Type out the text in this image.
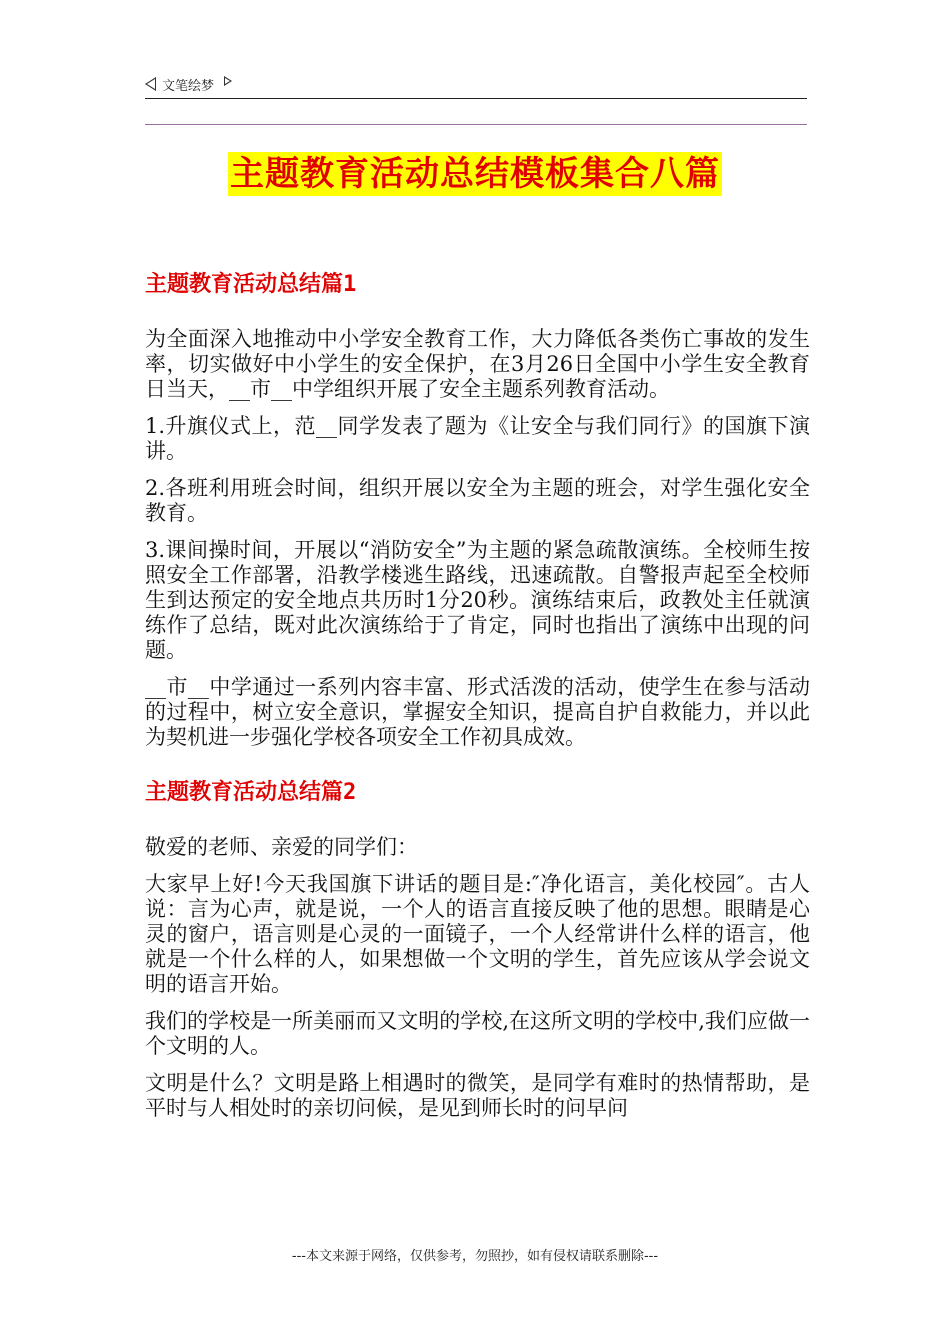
文笔绘梦
主题教育活动总结模板集合八篇
主题教育活动总结篇1

为全面深入地推动中小学安全教育工作，大力降低各类伤亡事故的发生率，切实做好中小学生的安全保护，在3月26日全国中小学生安全教育日当天，__市__中学组织开展了安全主题系列教育活动。

1.升旗仪式上，范__同学发表了题为《让安全与我们同行》的国旗下演讲。

2.各班利用班会时间，组织开展以安全为主题的班会，对学生强化安全教育。

3.课间操时间，开展以“消防安全”为主题的紧急疏散演练。全校师生按照安全工作部署，沿教学楼逃生路线，迅速疏散。自警报声起至全校师生到达预定的安全地点共历时1分20秒。演练结束后，政教处主任就演练作了总结，既对此次演练给于了肯定，同时也指出了演练中出现的问题。

__市__中学通过一系列内容丰富、形式活泼的活动，使学生在参与活动的过程中，树立安全意识，掌握安全知识，提高自护自救能力，并以此为契机进一步强化学校各项安全工作初具成效。

主题教育活动总结篇2

敬爱的老师、亲爱的同学们：

大家早上好!今天我国旗下讲话的题目是:″净化语言，美化校园″。古人说：言为心声，就是说，一个人的语言直接反映了他的思想。眼睛是心灵的窗户，语言则是心灵的一面镜子，一个人经常讲什么样的语言，他就是一个什么样的人，如果想做一个文明的学生，首先应该从学会说文明的语言开始。

我们的学校是一所美丽而又文明的学校,在这所文明的学校中,我们应做一个文明的人。

文明是什么？文明是路上相遇时的微笑，是同学有难时的热情帮助，是平时与人相处时的亲切问候，是见到师长时的问早问

---本文来源于网络，仅供参考，勿照抄，如有侵权请联系删除---
